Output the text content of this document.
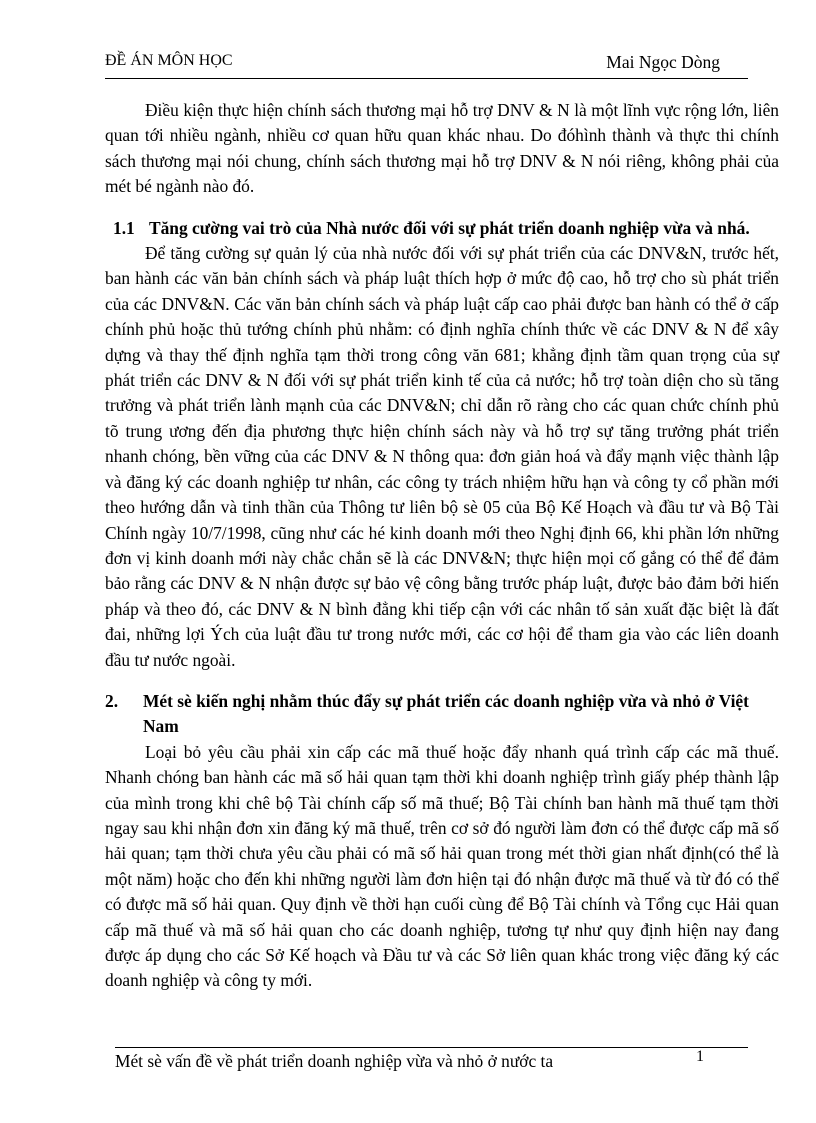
ĐỀ ÁN MÔN HỌC	Mai Ngọc Dòng

Điều kiện thực hiện chính sách thương mại hỗ trợ DNV & N là một lĩnh vực rộng lớn, liên quan tới nhiều ngành, nhiều cơ quan hữu quan khác nhau. Do đóhình thành và thực thi chính sách thương mại nói chung, chính sách thương mại hỗ trợ DNV & N nói riêng, không phải của mét bé ngành nào đó.

1.1 Tăng cường vai trò của Nhà nước đối với sự phát triển doanh nghiệp vừa và nhá.

Để tăng cường sự quản lý của nhà nước đối với sự phát triển của các DNV&N, trước hết, ban hành các văn bản chính sách và pháp luật thích hợp ở mức độ cao, hỗ trợ cho sù phát triển của các DNV&N. Các văn bản chính sách và pháp luật cấp cao phải được ban hành có thể ở cấp chính phủ hoặc thủ tướng chính phủ nhằm: có định nghĩa chính thức về các DNV & N để xây dựng và thay thế định nghĩa tạm thời trong công văn 681; khẳng định tầm quan trọng của sự phát triển các DNV & N đối với sự phát triển kinh tế của cả nước; hỗ trợ toàn diện cho sù tăng trưởng và phát triển lành mạnh của các DNV&N; chỉ dẫn rõ ràng cho các quan chức chính phủ tõ trung ương đến địa phương thực hiện chính sách này và hỗ trợ sự tăng trưởng phát triển nhanh chóng, bền vững của các DNV & N thông qua: đơn giản hoá và đẩy mạnh việc thành lập và đăng ký các doanh nghiệp tư nhân, các công ty trách nhiệm hữu hạn và công ty cổ phần mới theo hướng dẫn và tinh thần của Thông tư liên bộ sè 05 của Bộ Kế Hoạch và đầu tư và Bộ Tài Chính ngày 10/7/1998, cũng như các hé kinh doanh mới theo Nghị định 66, khi phần lớn những đơn vị kinh doanh mới này chắc chắn sẽ là các DNV&N; thực hiện mọi cố gắng có thể để đảm bảo rằng các DNV & N nhận được sự bảo vệ công bằng trước pháp luật, được bảo đảm bởi hiến pháp và theo đó, các DNV & N bình đẳng khi tiếp cận với các nhân tố sản xuất đặc biệt là đất đai, những lợi Ých của luật đầu tư trong nước mới, các cơ hội để tham gia vào các liên doanh đầu tư nước ngoài.

2.	Mét sè kiến nghị nhằm thúc đẩy sự phát triển các doanh nghiệp vừa và nhỏ ở Việt Nam

Loại bỏ yêu cầu phải xin cấp các mã thuế hoặc đẩy nhanh quá trình cấp các mã thuế. Nhanh chóng ban hành các mã số hải quan tạm thời khi doanh nghiệp trình giấy phép thành lập của mình trong khi chê bộ Tài chính cấp số mã thuế; Bộ Tài chính ban hành mã thuế tạm thời ngay sau khi nhận đơn xin đăng ký mã thuế, trên cơ sở đó người làm đơn có thể được cấp mã số hải quan; tạm thời chưa yêu cầu phải có mã số hải quan trong mét thời gian nhất định(có thể là một năm) hoặc cho đến khi những người làm đơn hiện tại đó nhận được mã thuế và từ đó có thể có được mã số hải quan. Quy định về thời hạn cuối cùng để Bộ Tài chính và Tổng cục Hải quan cấp mã thuế và mã số hải quan cho các doanh nghiệp, tương tự như quy định hiện nay đang được áp dụng cho các Sở Kế hoạch và Đầu tư và các Sở liên quan khác trong việc đăng ký các doanh nghiệp và công ty mới.

Mét sè vấn đề về phát triển doanh nghiệp vừa và nhỏ ở nước ta	1
